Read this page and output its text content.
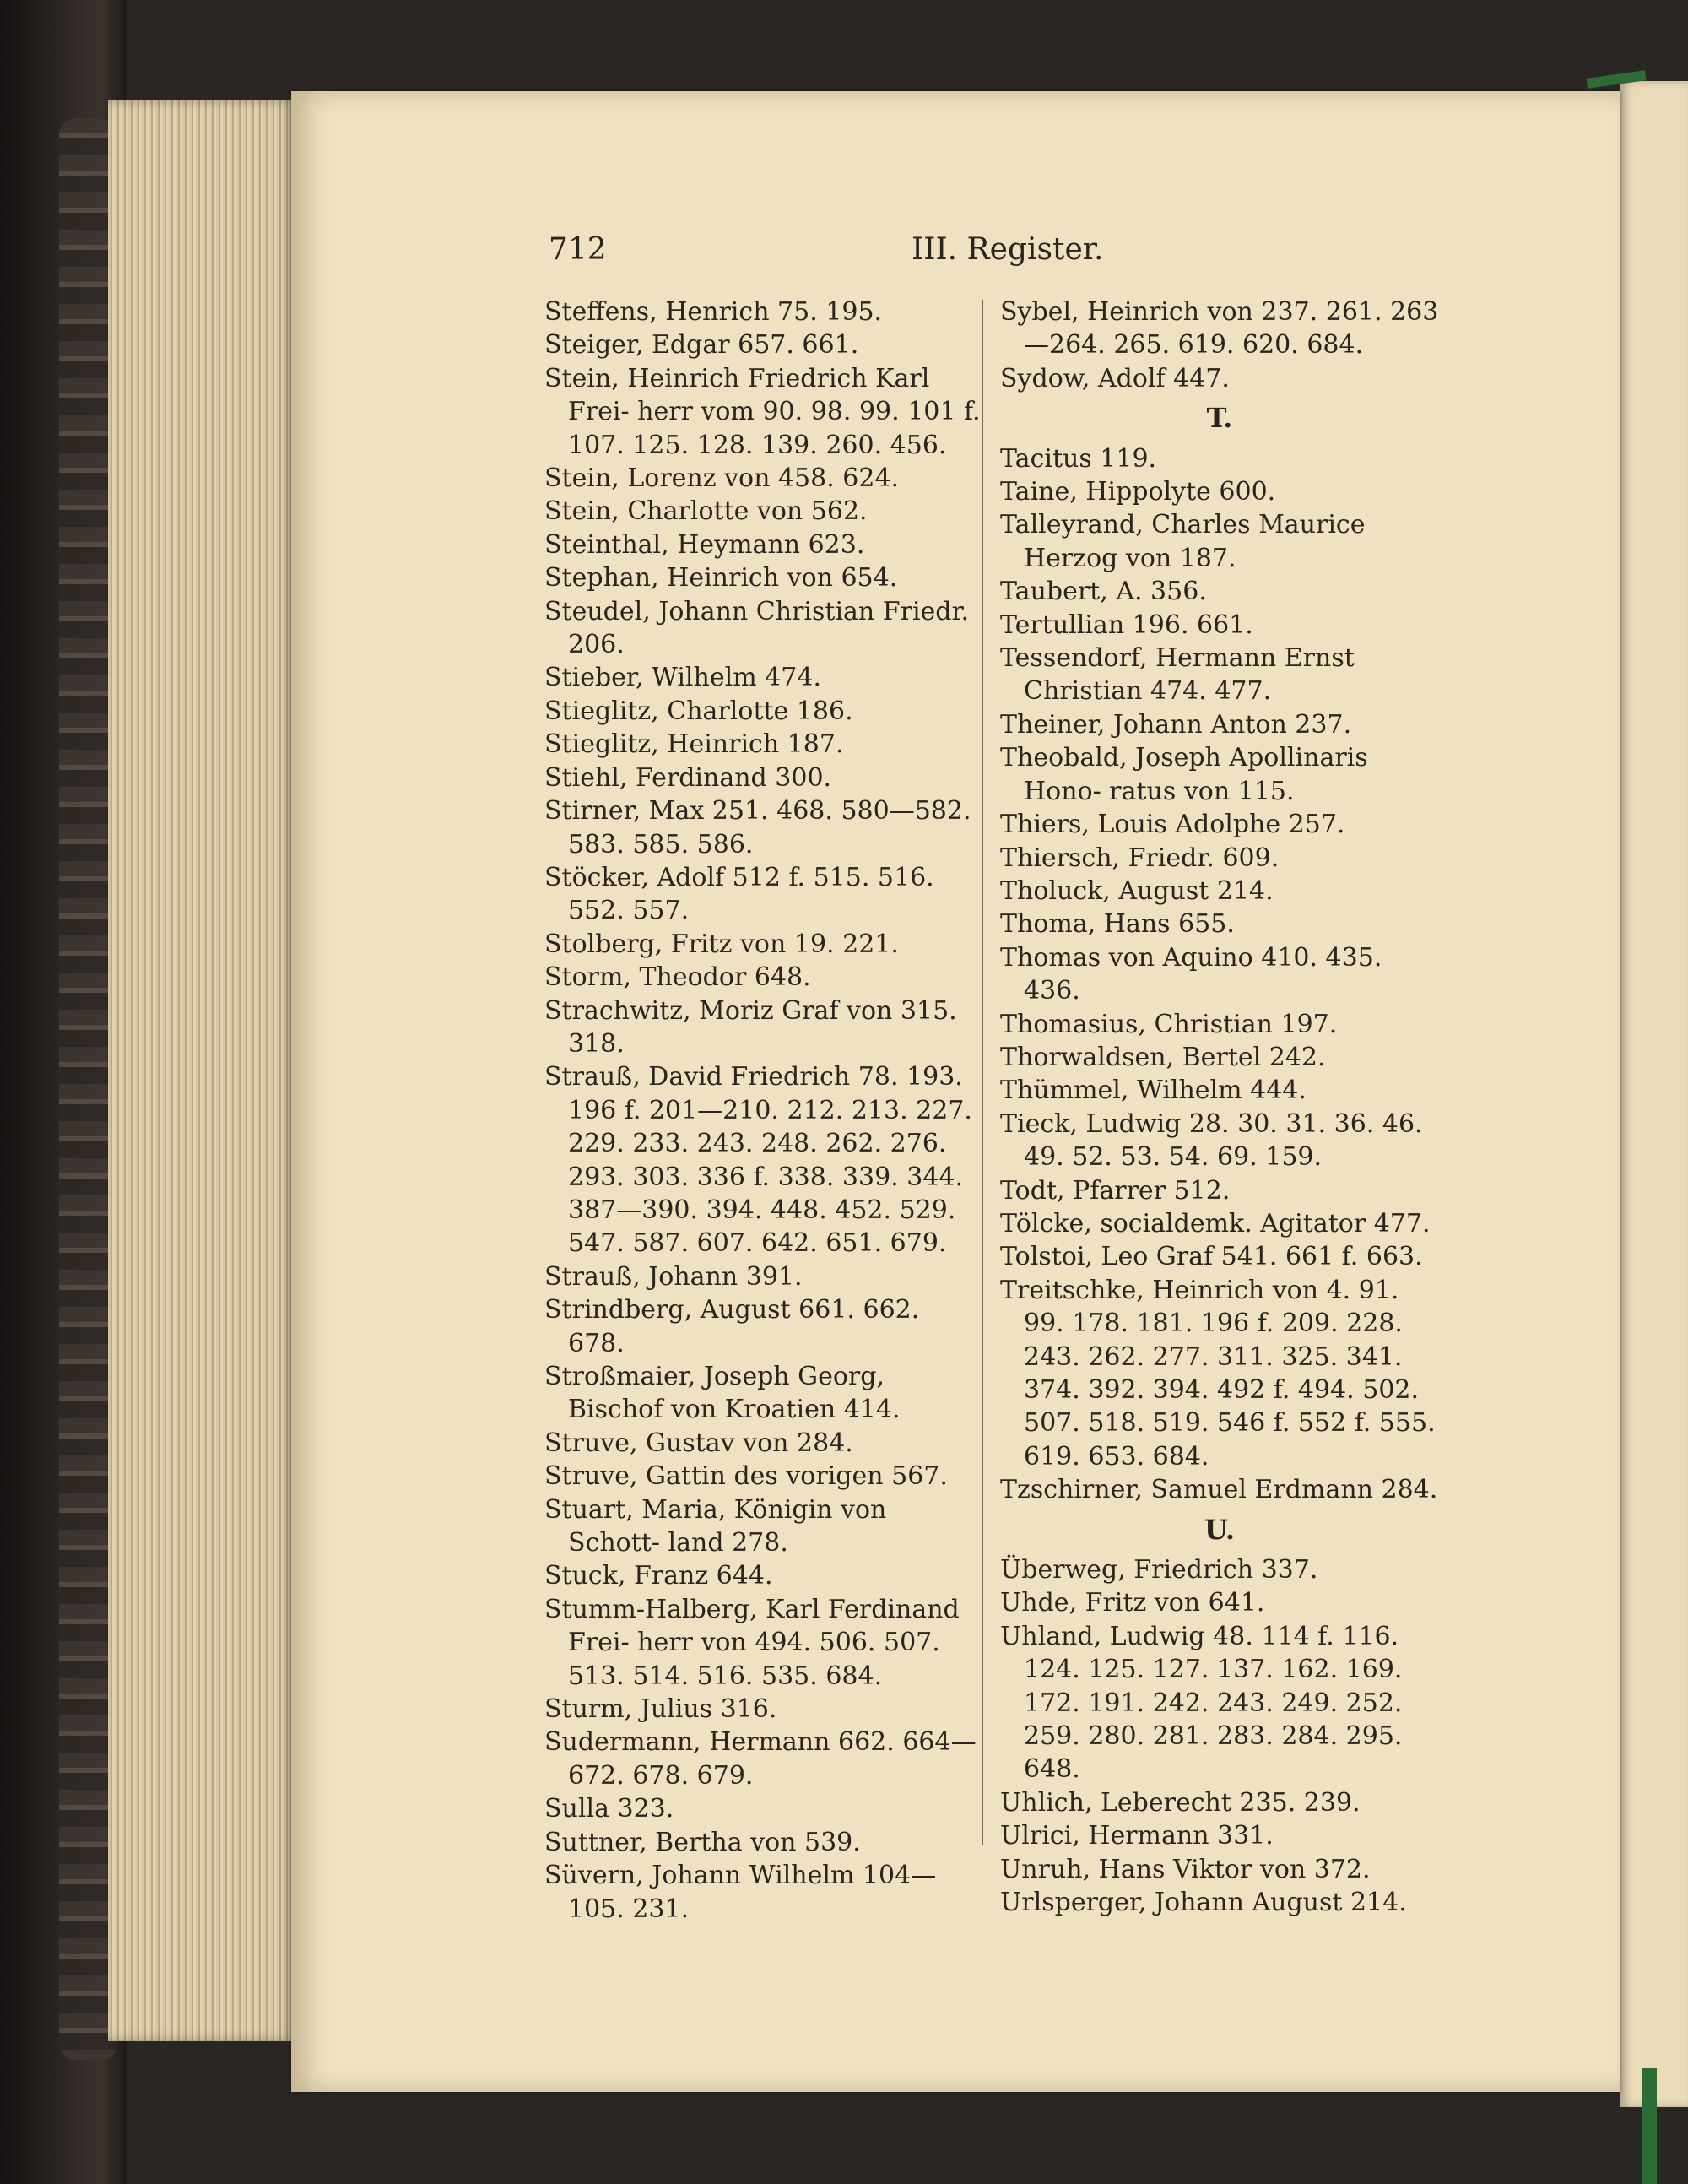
712	III. Register.
Steffens, Henrich 75. 195.
Steiger, Edgar 657. 661.
Stein, Heinrich Friedrich Karl Frei- herr vom 90. 98. 99. 101 f. 107. 125. 128. 139. 260. 456.
Stein, Lorenz von 458. 624.
Stein, Charlotte von 562.
Steinthal, Heymann 623.
Stephan, Heinrich von 654.
Steudel, Johann Christian Friedr. 206.
Stieber, Wilhelm 474.
Stieglitz, Charlotte 186.
Stieglitz, Heinrich 187.
Stiehl, Ferdinand 300.
Stirner, Max 251. 468. 580—582. 583. 585. 586.
Stöcker, Adolf 512 f. 515. 516. 552. 557.
Stolberg, Fritz von 19. 221.
Storm, Theodor 648.
Strachwitz, Moriz Graf von 315. 318.
Strauß, David Friedrich 78. 193. 196 f. 201—210. 212. 213. 227. 229. 233. 243. 248. 262. 276. 293. 303. 336 f. 338. 339. 344. 387—390. 394. 448. 452. 529. 547. 587. 607. 642. 651. 679.
Strauß, Johann 391.
Strindberg, August 661. 662. 678.
Stroßmaier, Joseph Georg, Bischof von Kroatien 414.
Struve, Gustav von 284.
Struve, Gattin des vorigen 567.
Stuart, Maria, Königin von Schott- land 278.
Stuck, Franz 644.
Stumm-Halberg, Karl Ferdinand Frei- herr von 494. 506. 507. 513. 514. 516. 535. 684.
Sturm, Julius 316.
Sudermann, Hermann 662. 664—672. 678. 679.
Sulla 323.
Suttner, Bertha von 539.
Süvern, Johann Wilhelm 104—105. 231.
Sybel, Heinrich von 237. 261. 263—264. 265. 619. 620. 684.
Sydow, Adolf 447.
T.
Tacitus 119.
Taine, Hippolyte 600.
Talleyrand, Charles Maurice Herzog von 187.
Taubert, A. 356.
Tertullian 196. 661.
Tessendorf, Hermann Ernst Christian 474. 477.
Theiner, Johann Anton 237.
Theobald, Joseph Apollinaris Hono- ratus von 115.
Thiers, Louis Adolphe 257.
Thiersch, Friedr. 609.
Tholuck, August 214.
Thoma, Hans 655.
Thomas von Aquino 410. 435. 436.
Thomasius, Christian 197.
Thorwaldsen, Bertel 242.
Thümmel, Wilhelm 444.
Tieck, Ludwig 28. 30. 31. 36. 46. 49. 52. 53. 54. 69. 159.
Todt, Pfarrer 512.
Tölcke, socialdemk. Agitator 477.
Tolstoi, Leo Graf 541. 661 f. 663.
Treitschke, Heinrich von 4. 91. 99. 178. 181. 196 f. 209. 228. 243. 262. 277. 311. 325. 341. 374. 392. 394. 492 f. 494. 502. 507. 518. 519. 546 f. 552 f. 555. 619. 653. 684.
Tzschirner, Samuel Erdmann 284.
U.
Überweg, Friedrich 337.
Uhde, Fritz von 641.
Uhland, Ludwig 48. 114 f. 116. 124. 125. 127. 137. 162. 169. 172. 191. 242. 243. 249. 252. 259. 280. 281. 283. 284. 295. 648.
Uhlich, Leberecht 235. 239.
Ulrici, Hermann 331.
Unruh, Hans Viktor von 372.
Urlsperger, Johann August 214.
